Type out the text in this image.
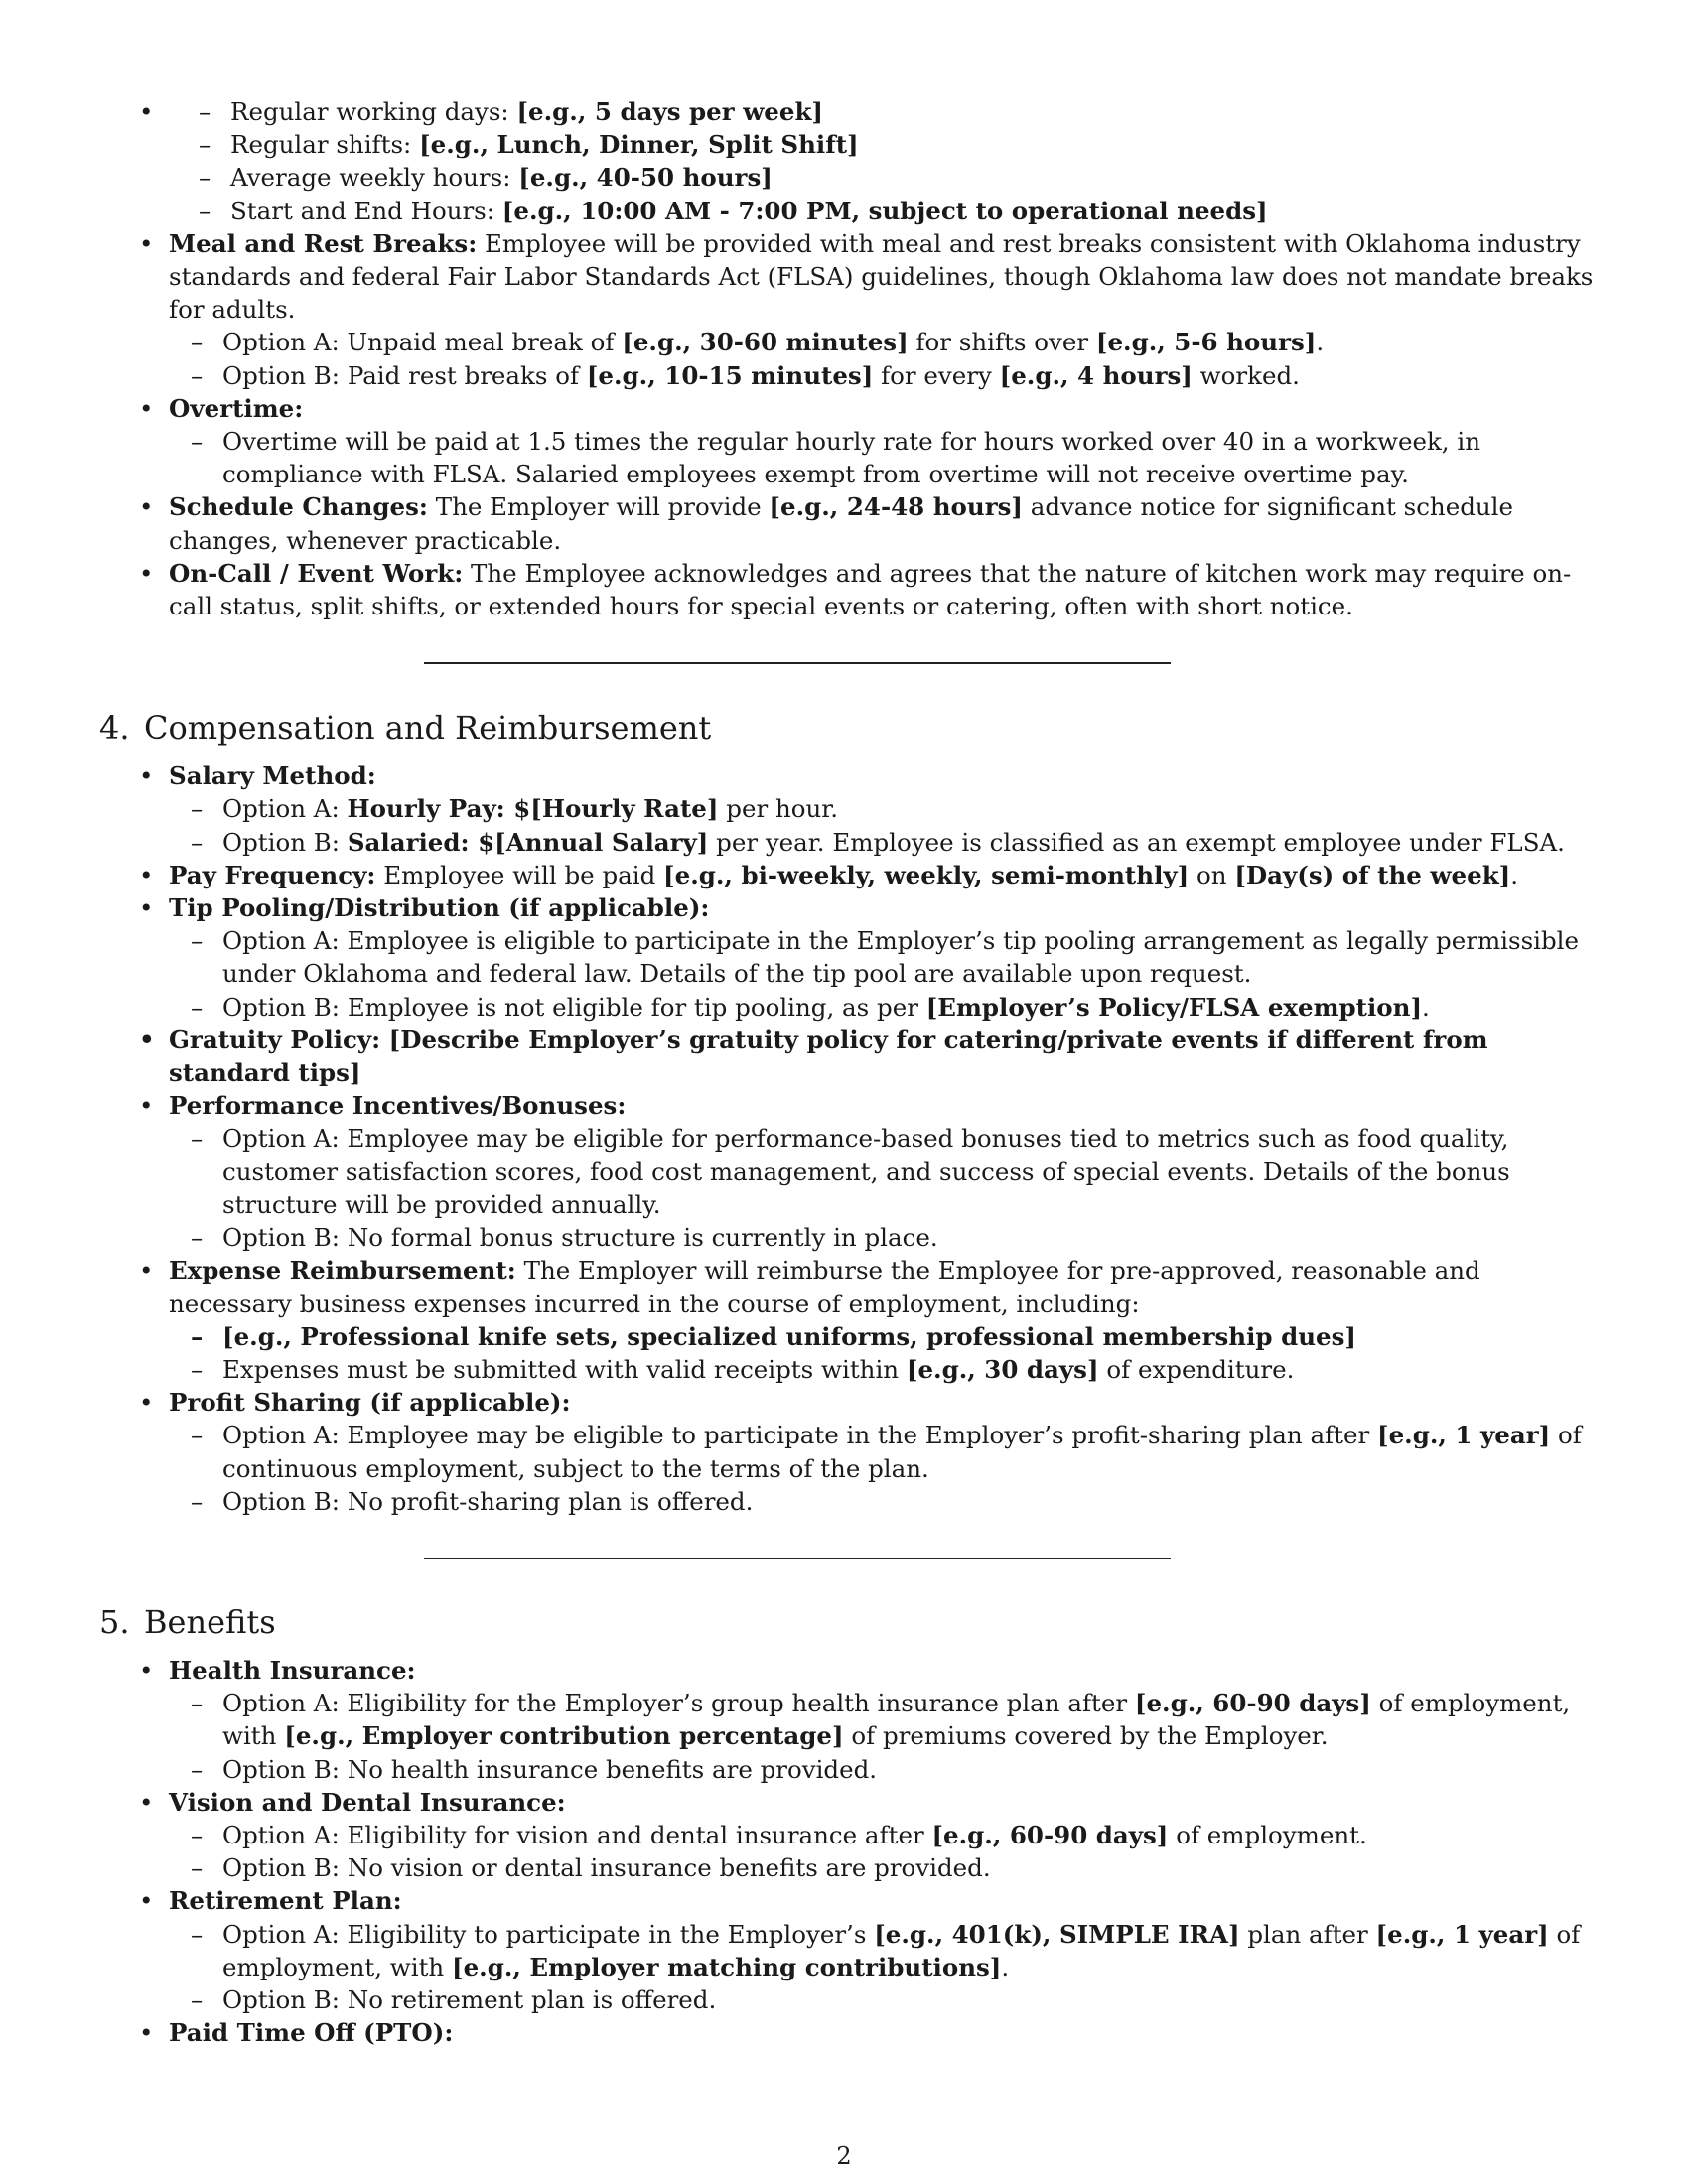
– • Regular working days: [e.g., 5 days per week]
– Regular shifts: [e.g., Lunch, Dinner, Split Shift]
– Average weekly hours: [e.g., 40-50 hours]
– Start and End Hours: [e.g., 10:00 AM - 7:00 PM, subject to operational needs]
• Meal and Rest Breaks: Employee will be provided with meal and rest breaks consistent with Oklahoma industry standards and federal Fair Labor Standards Act (FLSA) guidelines, though Oklahoma law does not mandate breaks for adults.
– Option A: Unpaid meal break of [e.g., 30-60 minutes] for shifts over [e.g., 5-6 hours].
– Option B: Paid rest breaks of [e.g., 10-15 minutes] for every [e.g., 4 hours] worked.
• Overtime:
– Overtime will be paid at 1.5 times the regular hourly rate for hours worked over 40 in a workweek, in compliance with FLSA. Salaried employees exempt from overtime will not receive overtime pay.
• Schedule Changes: The Employer will provide [e.g., 24-48 hours] advance notice for significant schedule changes, whenever practicable.
• On-Call / Event Work: The Employee acknowledges and agrees that the nature of kitchen work may require on-call status, split shifts, or extended hours for special events or catering, often with short notice.
4. Compensation and Reimbursement
• Salary Method:
– Option A: Hourly Pay: $[Hourly Rate] per hour.
– Option B: Salaried: $[Annual Salary] per year. Employee is classified as an exempt employee under FLSA.
• Pay Frequency: Employee will be paid [e.g., bi-weekly, weekly, semi-monthly] on [Day(s) of the week].
• Tip Pooling/Distribution (if applicable):
– Option A: Employee is eligible to participate in the Employer’s tip pooling arrangement as legally permissible under Oklahoma and federal law. Details of the tip pool are available upon request.
– Option B: Employee is not eligible for tip pooling, as per [Employer’s Policy/FLSA exemption].
• Gratuity Policy: [Describe Employer’s gratuity policy for catering/private events if different from standard tips]
• Performance Incentives/Bonuses:
– Option A: Employee may be eligible for performance-based bonuses tied to metrics such as food quality, customer satisfaction scores, food cost management, and success of special events. Details of the bonus structure will be provided annually.
– Option B: No formal bonus structure is currently in place.
• Expense Reimbursement: The Employer will reimburse the Employee for pre-approved, reasonable and necessary business expenses incurred in the course of employment, including:
– [e.g., Professional knife sets, specialized uniforms, professional membership dues]
– Expenses must be submitted with valid receipts within [e.g., 30 days] of expenditure.
• Profit Sharing (if applicable):
– Option A: Employee may be eligible to participate in the Employer’s profit-sharing plan after [e.g., 1 year] of continuous employment, subject to the terms of the plan.
– Option B: No profit-sharing plan is offered.
5. Benefits
• Health Insurance:
– Option A: Eligibility for the Employer’s group health insurance plan after [e.g., 60-90 days] of employment, with [e.g., Employer contribution percentage] of premiums covered by the Employer.
– Option B: No health insurance benefits are provided.
• Vision and Dental Insurance:
– Option A: Eligibility for vision and dental insurance after [e.g., 60-90 days] of employment.
– Option B: No vision or dental insurance benefits are provided.
• Retirement Plan:
– Option A: Eligibility to participate in the Employer’s [e.g., 401(k), SIMPLE IRA] plan after [e.g., 1 year] of employment, with [e.g., Employer matching contributions].
– Option B: No retirement plan is offered.
• Paid Time Off (PTO):
2
